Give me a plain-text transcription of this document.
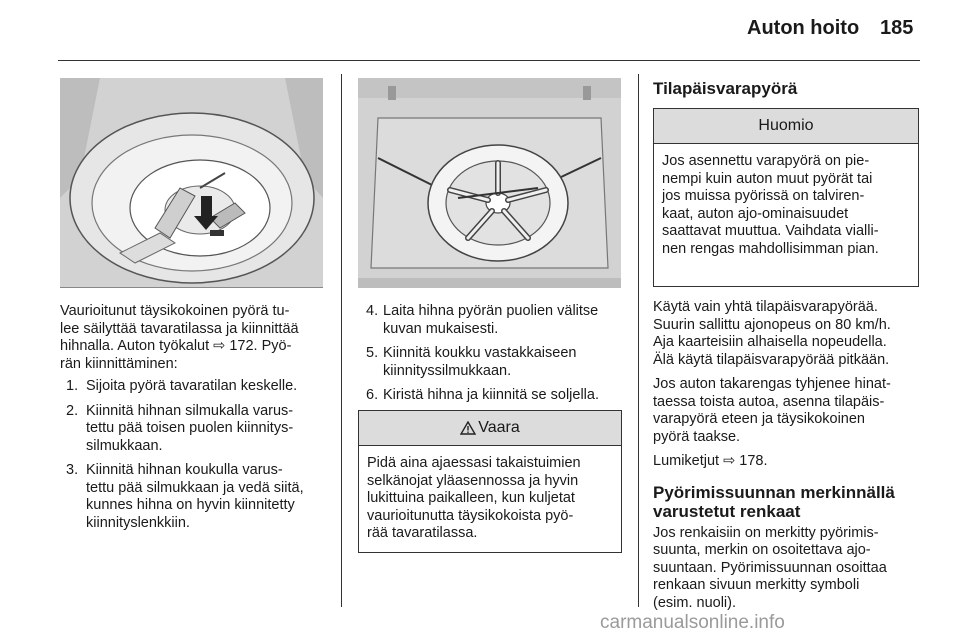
Auton hoito 185

Vaurioitunut täysikokoinen pyörä tu-
lee säilyttää tavaratilassa ja kiinnittää
hihnalla. Auton työkalut ⇨ 172. Pyö-
rän kiinnittäminen:

1. Sijoita pyörä tavaratilan keskelle.
2. Kiinnitä hihnan silmukalla varus-
tettu pää toisen puolen kiinnitys-
silmukkaan.
3. Kiinnitä hihnan koukulla varus-
tettu pää silmukkaan ja vedä siitä,
kunnes hihna on hyvin kiinnitetty
kiinnityslenkkiin.
4. Laita hihna pyörän puolien välitse
kuvan mukaisesti.
5. Kiinnitä koukku vastakkaiseen
kiinnityssilmukkaan.
6. Kiristä hihna ja kiinnitä se soljella.
Vaara
Pidä aina ajaessasi takaistuimien
selkänojat yläasennossa ja hyvin
lukittuina paikalleen, kun kuljetat
vaurioitunutta täysikokoista pyö-
rää tavaratilassa.
Tilapäisvarapyörä
Huomio
Jos asennettu varapyörä on pie-
nempi kuin auton muut pyörät tai
jos muissa pyörissä on talviren-
kaat, auton ajo-ominaisuudet
saattavat muuttua. Vaihdata vialli-
nen rengas mahdollisimman pian.

Käytä vain yhtä tilapäisvarapyörää.
Suurin sallittu ajonopeus on 80 km/h.
Aja kaarteisiin alhaisella nopeudella.
Älä käytä tilapäisvarapyörää pitkään.

Jos auton takarengas tyhjenee hinat-
taessa toista autoa, asenna tilapäis-
varapyörä eteen ja täysikokoinen
pyörä taakse.

Lumiketjut ⇨ 178.

Pyörimissuunnan merkinnällä
varustetut renkaat

Jos renkaisiin on merkitty pyörimis-
suunta, merkin on osoitettava ajo-
suuntaan. Pyörimissuunnan osoittaa
renkaan sivuun merkitty symboli
(esim. nuoli).

carmanualsonline.info
